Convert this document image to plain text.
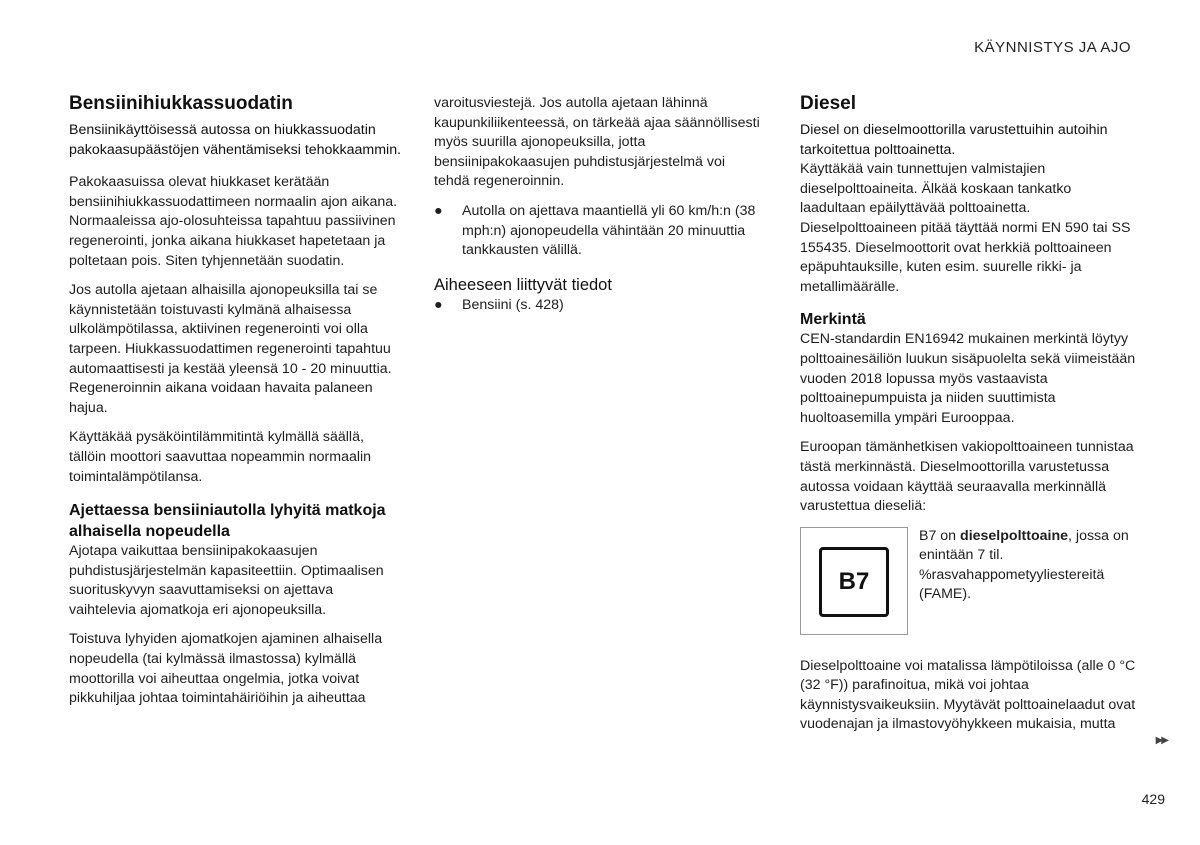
KÄYNNISTYS JA AJO
Bensiinihiukkassuodatin

Bensiinikäyttöisessä autossa on hiukkassuodatin pakokaasupäästöjen vähentämiseksi tehokkaammin.

Pakokaasuissa olevat hiukkaset kerätään bensiinihiukkassuodattimeen normaalin ajon aikana. Normaaleissa ajo-olosuhteissa tapahtuu passiivinen regenerointi, jonka aikana hiukkaset hapetetaan ja poltetaan pois. Siten tyhjennetään suodatin.

Jos autolla ajetaan alhaisilla ajonopeuksilla tai se käynnistetään toistuvasti kylmänä alhaisessa ulkolämpötilassa, aktiivinen regenerointi voi olla tarpeen. Hiukkassuodattimen regenerointi tapahtuu automaattisesti ja kestää yleensä 10 - 20 minuuttia. Regeneroinnin aikana voidaan havaita palaneen hajua.

Käyttäkää pysäköintilämmitintä kylmällä säällä, tällöin moottori saavuttaa nopeammin normaalin toimintalämpötilansa.

Ajettaessa bensiiniautolla lyhyitä matkoja alhaisella nopeudella

Ajotapa vaikuttaa bensiinipakokaasujen puhdistusjärjestelmän kapasiteettiin. Optimaalisen suorituskyvyn saavuttamiseksi on ajettava vaihtelevia ajomatkoja eri ajonopeuksilla.

Toistuva lyhyiden ajomatkojen ajaminen alhaisella nopeudella (tai kylmässä ilmastossa) kylmällä moottorilla voi aiheuttaa ongelmia, jotka voivat pikkuhiljaa johtaa toimintahäiriöihin ja aiheuttaa

varoitusviestejä. Jos autolla ajetaan lähinnä kaupunkiliikenteessä, on tärkeää ajaa säännöllisesti myös suurilla ajonopeuksilla, jotta bensiinipakokaasujen puhdistusjärjestelmä voi tehdä regeneroinnin.

● Autolla on ajettava maantiellä yli 60 km/h:n (38 mph:n) ajonopeudella vähintään 20 minuuttia tankkausten välillä.
Aiheeseen liittyvät tiedot
● Bensiini (s. 428)
Diesel

Diesel on dieselmoottorilla varustettuihin autoihin tarkoitettua polttoainetta.

Käyttäkää vain tunnettujen valmistajien dieselpolttoaineita. Älkää koskaan tankatko laadultaan epäilyttävää polttoainetta. Dieselpolttoaineen pitää täyttää normi EN 590 tai SS 155435. Dieselmoottorit ovat herkkiä polttoaineen epäpuhtauksille, kuten esim. suurelle rikki- ja metallimäärälle.

Merkintä

CEN-standardin EN16942 mukainen merkintä löytyy polttoainesäiliön luukun sisäpuolelta sekä viimeistään vuoden 2018 lopussa myös vastaavista polttoainepumpuista ja niiden suuttimista huoltoasemilla ympäri Eurooppaa.

Euroopan tämänhetkisen vakiopolttoaineen tunnistaa tästä merkinnästä. Dieselmoottorilla varustetussa autossa voidaan käyttää seuraavalla merkinnällä varustettua dieseliä:

B7

B7 on dieselpolttoaine, jossa on enintään 7 til. %rasvahappometyyliestereitä (FAME).

Dieselpolttoaine voi matalissa lämpötiloissa (alle 0 °C (32 °F)) parafinoitua, mikä voi johtaa käynnistysvaikeuksiin. Myytävät polttoainelaadut ovat vuodenajan ja ilmastovyöhykkeen mukaisia, mutta

▶▶
429
